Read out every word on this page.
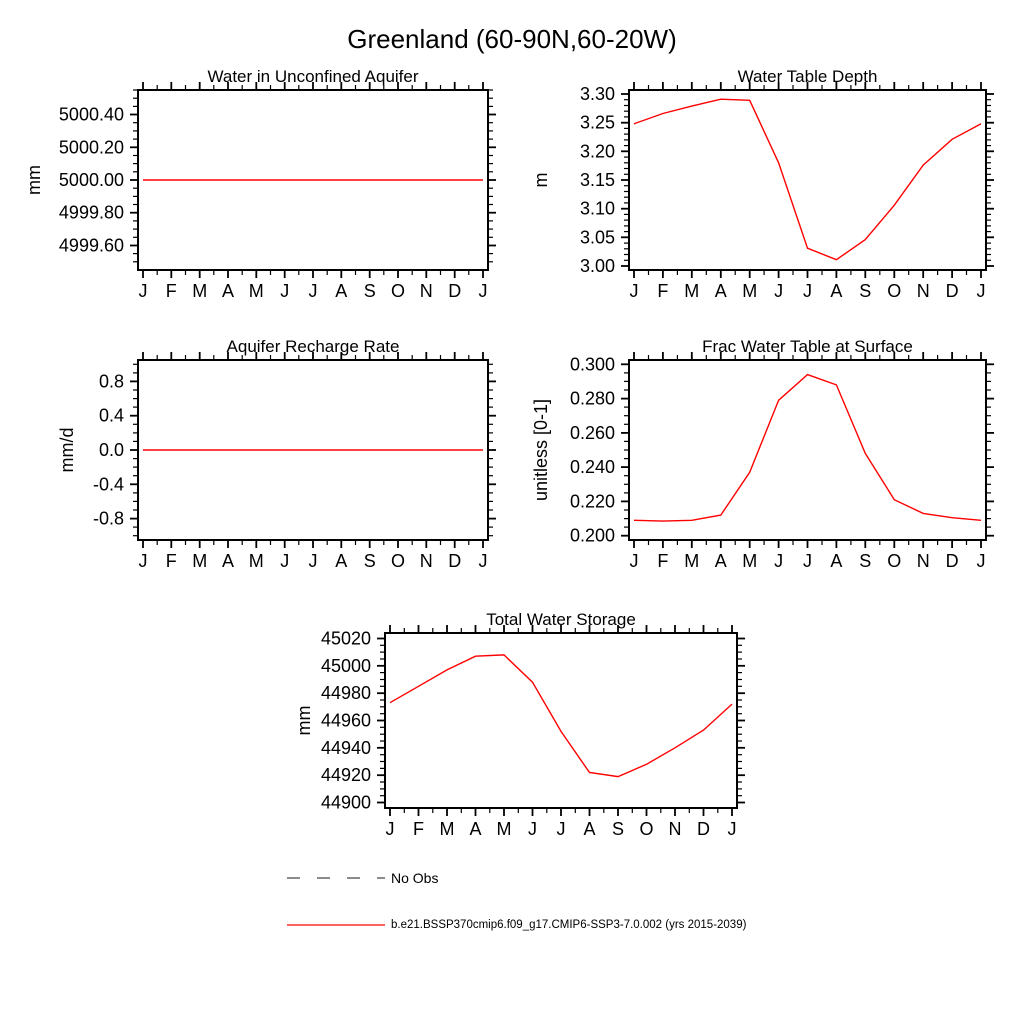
Greenland (60-90N,60-20W)
J F M A M J J A S O N D J
4999.60
4999.80
5000.00
5000.20
5000.40
Water in Unconfined Aquifer
mm
J F M A M J J A S O N D J
3.00
3.05
3.10
3.15
3.20
3.25
3.30
Water Table Depth
m
J F M A M J J A S O N D J
-0.8
-0.4
0.0
0.4
0.8
Aquifer Recharge Rate
mm/d
J F M A M J J A S O N D J
0.200
0.220
0.240
0.260
0.280
0.300
Frac Water Table at Surface
unitless [0-1]
J F M A M J J A S O N D J
44900
44920
44940
44960
44980
45000
45020
Total Water Storage
mm
No Obs
b.e21.BSSP370cmip6.f09_g17.CMIP6-SSP3-7.0.002 (yrs 2015-2039)
